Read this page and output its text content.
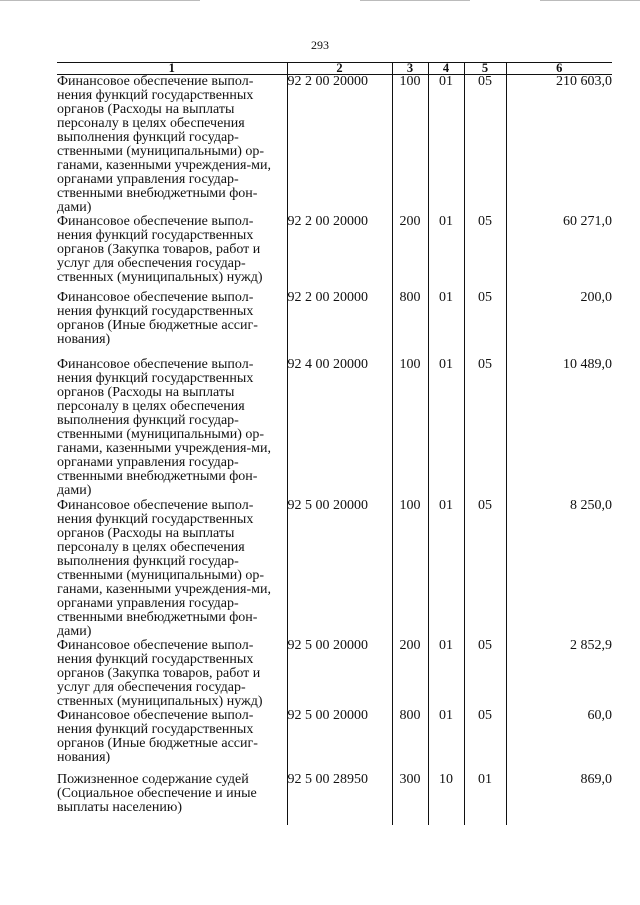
293
1	2	3	4	5	6
Финансовое обеспечение выпол-нения функций государственных органов (Расходы на выплаты персоналу в целях обеспечения выполнения функций государ-ственными (муниципальными) ор-ганами, казенными учреждения-ми, органами управления государ-ственными внебюджетными фон-дами)	92 2 00 20000	100	01	05	210 603,0
Финансовое обеспечение выпол-нения функций государственных органов (Закупка товаров, работ и услуг для обеспечения государ-ственных (муниципальных) нужд)	92 2 00 20000	200	01	05	60 271,0
Финансовое обеспечение выпол-нения функций государственных органов (Иные бюджетные ассиг-нования)	92 2 00 20000	800	01	05	200,0
Финансовое обеспечение выпол-нения функций государственных органов (Расходы на выплаты персоналу в целях обеспечения выполнения функций государ-ственными (муниципальными) ор-ганами, казенными учреждения-ми, органами управления государ-ственными внебюджетными фон-дами)	92 4 00 20000	100	01	05	10 489,0
Финансовое обеспечение выпол-нения функций государственных органов (Расходы на выплаты персоналу в целях обеспечения выполнения функций государ-ственными (муниципальными) ор-ганами, казенными учреждения-ми, органами управления государ-ственными внебюджетными фон-дами)	92 5 00 20000	100	01	05	8 250,0
Финансовое обеспечение выпол-нения функций государственных органов (Закупка товаров, работ и услуг для обеспечения государ-ственных (муниципальных) нужд)	92 5 00 20000	200	01	05	2 852,9
Финансовое обеспечение выпол-нения функций государственных органов (Иные бюджетные ассиг-нования)	92 5 00 20000	800	01	05	60,0
Пожизненное содержание судей (Социальное обеспечение и иные выплаты населению)	92 5 00 28950	300	10	01	869,0
